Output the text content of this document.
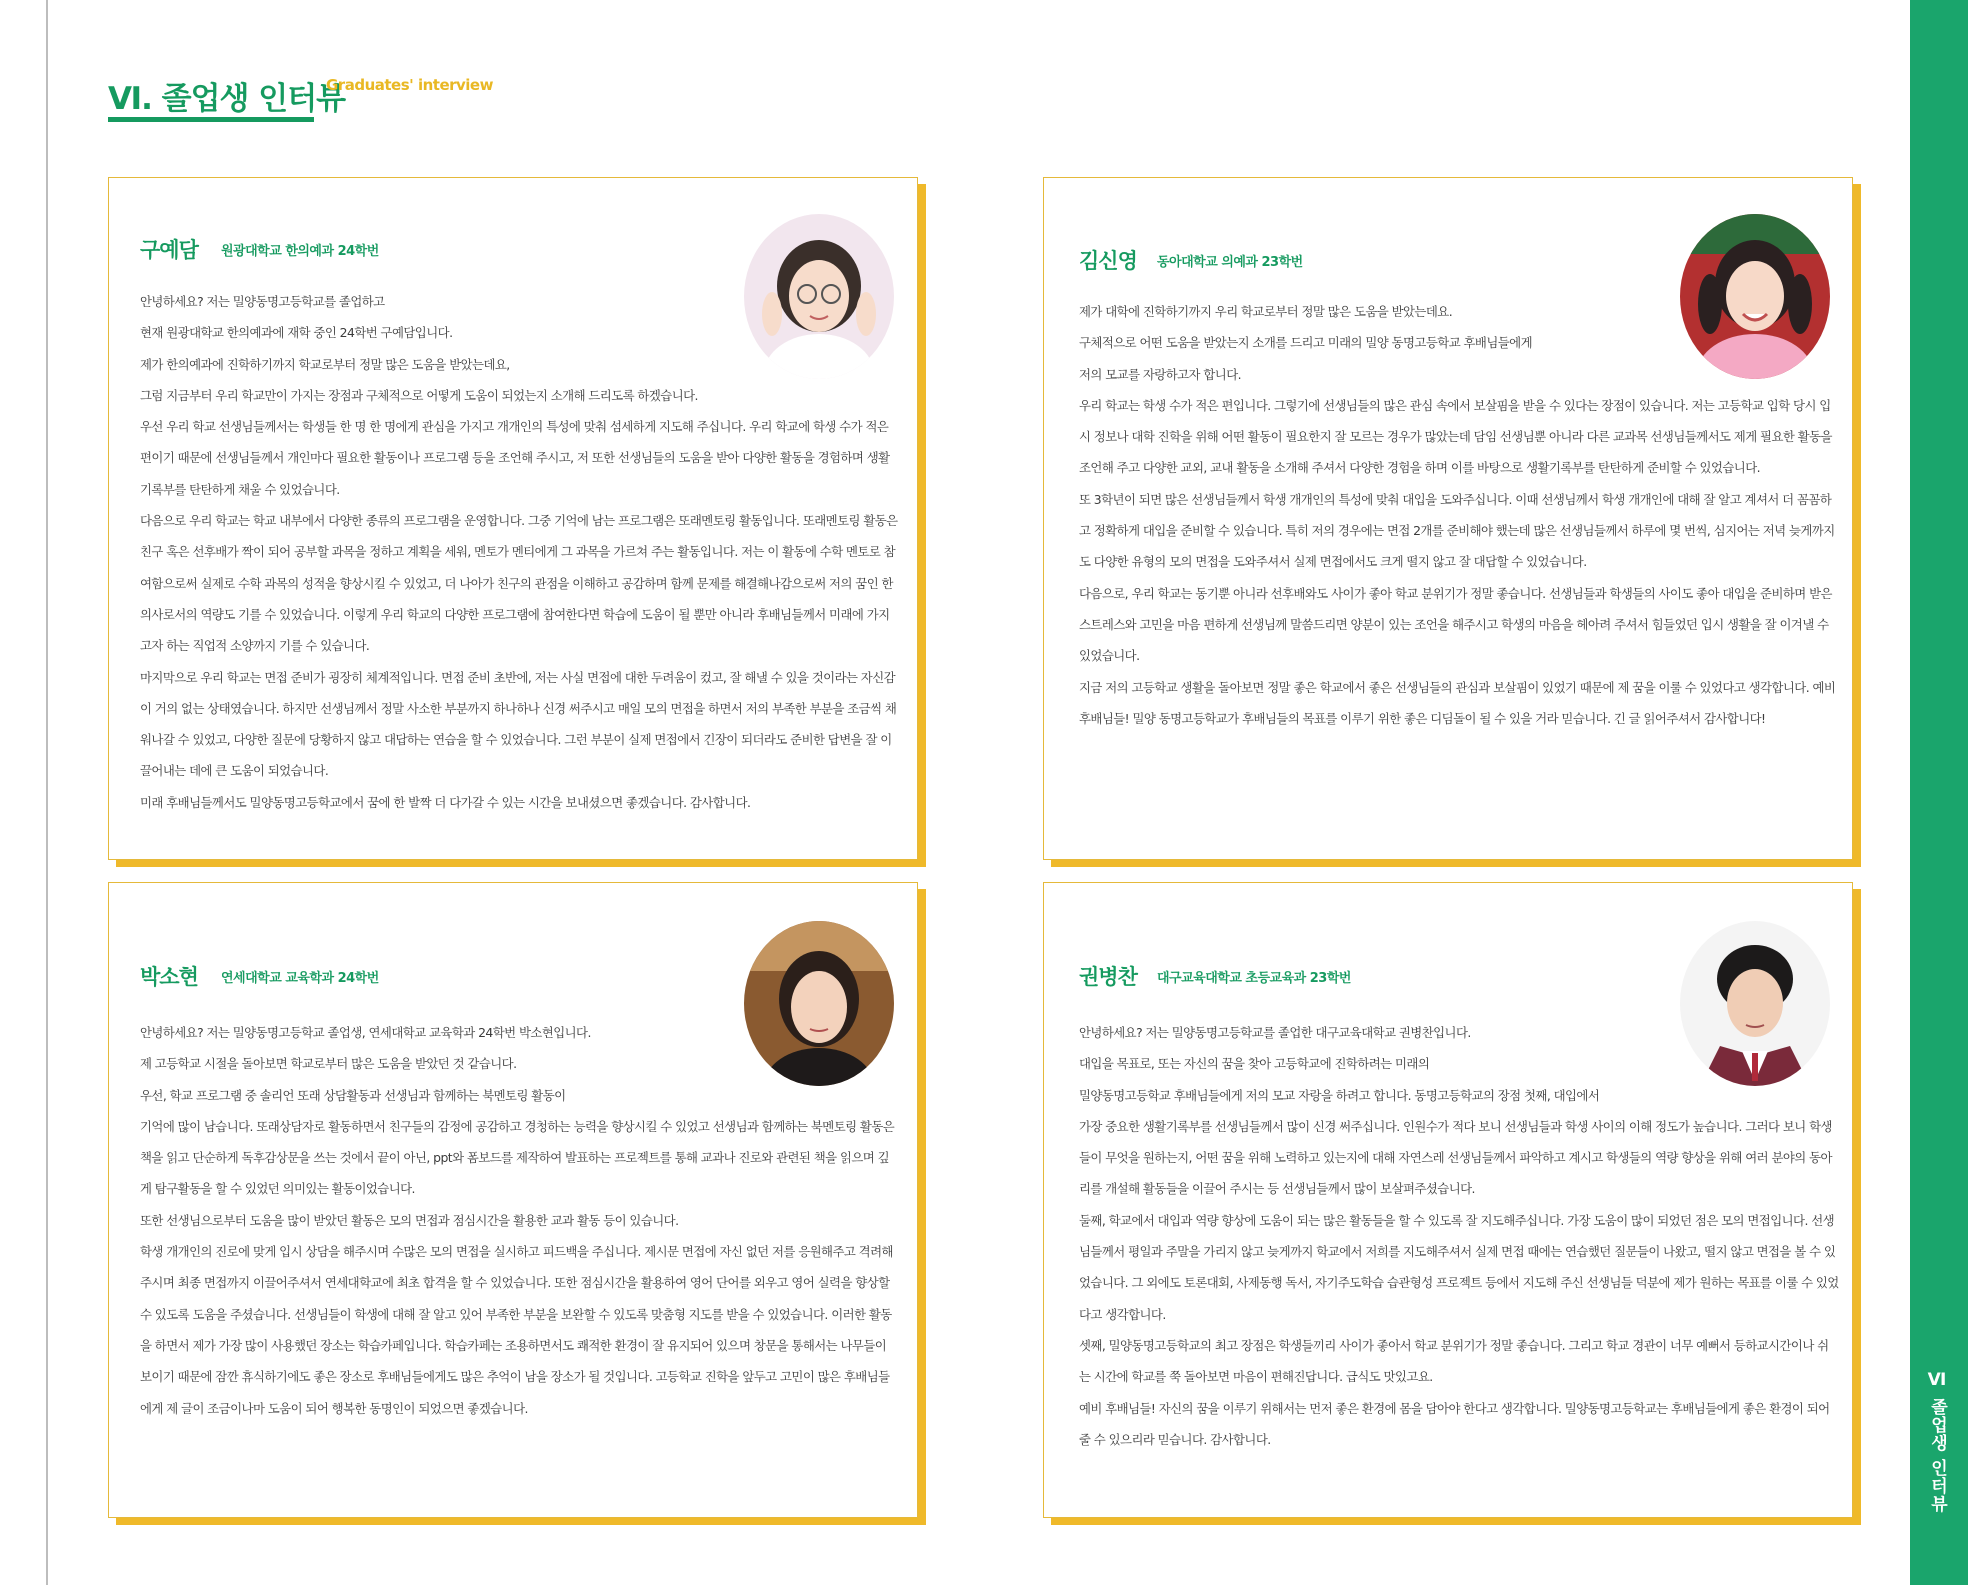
Ⅵ. 졸업생 인터뷰
Graduates' interview
Ⅵ 졸업생 인터뷰
구예담 원광대학교 한의예과 24학번

안녕하세요? 저는 밀양동명고등학교를 졸업하고

현재 원광대학교 한의예과에 재학 중인 24학번 구예담입니다.

제가 한의예과에 진학하기까지 학교로부터 정말 많은 도움을 받았는데요,

그럼 지금부터 우리 학교만이 가지는 장점과 구체적으로 어떻게 도움이 되었는지 소개해 드리도록 하겠습니다.

우선 우리 학교 선생님들께서는 학생들 한 명 한 명에게 관심을 가지고 개개인의 특성에 맞춰 섬세하게 지도해 주십니다. 우리 학교에 학생 수가 적은 편이기 때문에 선생님들께서 개인마다 필요한 활동이나 프로그램 등을 조언해 주시고, 저 또한 선생님들의 도움을 받아 다양한 활동을 경험하며 생활기록부를 탄탄하게 채울 수 있었습니다.

다음으로 우리 학교는 학교 내부에서 다양한 종류의 프로그램을 운영합니다. 그중 기억에 남는 프로그램은 또래멘토링 활동입니다. 또래멘토링 활동은 친구 혹은 선후배가 짝이 되어 공부할 과목을 정하고 계획을 세워, 멘토가 멘티에게 그 과목을 가르쳐 주는 활동입니다. 저는 이 활동에 수학 멘토로 참여함으로써 실제로 수학 과목의 성적을 향상시킬 수 있었고, 더 나아가 친구의 관점을 이해하고 공감하며 함께 문제를 해결해나감으로써 저의 꿈인 한의사로서의 역량도 기를 수 있었습니다. 이렇게 우리 학교의 다양한 프로그램에 참여한다면 학습에 도움이 될 뿐만 아니라 후배님들께서 미래에 가지고자 하는 직업적 소양까지 기를 수 있습니다.

마지막으로 우리 학교는 면접 준비가 굉장히 체계적입니다. 면접 준비 초반에, 저는 사실 면접에 대한 두려움이 컸고, 잘 해낼 수 있을 것이라는 자신감이 거의 없는 상태였습니다. 하지만 선생님께서 정말 사소한 부분까지 하나하나 신경 써주시고 매일 모의 면접을 하면서 저의 부족한 부분을 조금씩 채워나갈 수 있었고, 다양한 질문에 당황하지 않고 대답하는 연습을 할 수 있었습니다. 그런 부분이 실제 면접에서 긴장이 되더라도 준비한 답변을 잘 이끌어내는 데에 큰 도움이 되었습니다.

미래 후배님들께서도 밀양동명고등학교에서 꿈에 한 발짝 더 다가갈 수 있는 시간을 보내셨으면 좋겠습니다. 감사합니다.

김신영 동아대학교 의예과 23학번

제가 대학에 진학하기까지 우리 학교로부터 정말 많은 도움을 받았는데요.

구체적으로 어떤 도움을 받았는지 소개를 드리고 미래의 밀양 동명고등학교 후배님들에게

저의 모교를 자랑하고자 합니다.

우리 학교는 학생 수가 적은 편입니다. 그렇기에 선생님들의 많은 관심 속에서 보살핌을 받을 수 있다는 장점이 있습니다. 저는 고등학교 입학 당시 입시 정보나 대학 진학을 위해 어떤 활동이 필요한지 잘 모르는 경우가 많았는데 담임 선생님뿐 아니라 다른 교과목 선생님들께서도 제게 필요한 활동을 조언해 주고 다양한 교외, 교내 활동을 소개해 주셔서 다양한 경험을 하며 이를 바탕으로 생활기록부를 탄탄하게 준비할 수 있었습니다.

또 3학년이 되면 많은 선생님들께서 학생 개개인의 특성에 맞춰 대입을 도와주십니다. 이때 선생님께서 학생 개개인에 대해 잘 알고 계셔서 더 꼼꼼하고 정확하게 대입을 준비할 수 있습니다. 특히 저의 경우에는 면접 2개를 준비해야 했는데 많은 선생님들께서 하루에 몇 번씩, 심지어는 저녁 늦게까지도 다양한 유형의 모의 면접을 도와주셔서 실제 면접에서도 크게 떨지 않고 잘 대답할 수 있었습니다.

다음으로, 우리 학교는 동기뿐 아니라 선후배와도 사이가 좋아 학교 분위기가 정말 좋습니다. 선생님들과 학생들의 사이도 좋아 대입을 준비하며 받은 스트레스와 고민을 마음 편하게 선생님께 말씀드리면 양분이 있는 조언을 해주시고 학생의 마음을 헤아려 주셔서 힘들었던 입시 생활을 잘 이겨낼 수 있었습니다.

지금 저의 고등학교 생활을 돌아보면 정말 좋은 학교에서 좋은 선생님들의 관심과 보살핌이 있었기 때문에 제 꿈을 이룰 수 있었다고 생각합니다. 예비 후배님들! 밀양 동명고등학교가 후배님들의 목표를 이루기 위한 좋은 디딤돌이 될 수 있을 거라 믿습니다. 긴 글 읽어주셔서 감사합니다!

박소현 연세대학교 교육학과 24학번

안녕하세요? 저는 밀양동명고등학교 졸업생, 연세대학교 교육학과 24학번 박소현입니다.

제 고등학교 시절을 돌아보면 학교로부터 많은 도움을 받았던 것 같습니다.

우선, 학교 프로그램 중 솔리언 또래 상담활동과 선생님과 함께하는 북멘토링 활동이

기억에 많이 남습니다. 또래상담자로 활동하면서 친구들의 감정에 공감하고 경청하는 능력을 향상시킬 수 있었고 선생님과 함께하는 북멘토링 활동은 책을 읽고 단순하게 독후감상문을 쓰는 것에서 끝이 아닌, ppt와 폼보드를 제작하여 발표하는 프로젝트를 통해 교과나 진로와 관련된 책을 읽으며 깊게 탐구활동을 할 수 있었던 의미있는 활동이었습니다.

또한 선생님으로부터 도움을 많이 받았던 활동은 모의 면접과 점심시간을 활용한 교과 활동 등이 있습니다.

학생 개개인의 진로에 맞게 입시 상담을 해주시며 수많은 모의 면접을 실시하고 피드백을 주십니다. 제시문 면접에 자신 없던 저를 응원해주고 격려해주시며 최종 면접까지 이끌어주셔서 연세대학교에 최초 합격을 할 수 있었습니다. 또한 점심시간을 활용하여 영어 단어를 외우고 영어 실력을 향상할 수 있도록 도움을 주셨습니다. 선생님들이 학생에 대해 잘 알고 있어 부족한 부분을 보완할 수 있도록 맞춤형 지도를 받을 수 있었습니다. 이러한 활동을 하면서 제가 가장 많이 사용했던 장소는 학습카페입니다. 학습카페는 조용하면서도 쾌적한 환경이 잘 유지되어 있으며 창문을 통해서는 나무들이 보이기 때문에 잠깐 휴식하기에도 좋은 장소로 후배님들에게도 많은 추억이 남을 장소가 될 것입니다. 고등학교 진학을 앞두고 고민이 많은 후배님들에게 제 글이 조금이나마 도움이 되어 행복한 동명인이 되었으면 좋겠습니다.

권병찬 대구교육대학교 초등교육과 23학번

안녕하세요? 저는 밀양동명고등학교를 졸업한 대구교육대학교 권병찬입니다.

대입을 목표로, 또는 자신의 꿈을 찾아 고등학교에 진학하려는 미래의

밀양동명고등학교 후배님들에게 저의 모교 자랑을 하려고 합니다. 동명고등학교의 장점 첫째, 대입에서

가장 중요한 생활기록부를 선생님들께서 많이 신경 써주십니다. 인원수가 적다 보니 선생님들과 학생 사이의 이해 정도가 높습니다. 그러다 보니 학생들이 무엇을 원하는지, 어떤 꿈을 위해 노력하고 있는지에 대해 자연스레 선생님들께서 파악하고 계시고 학생들의 역량 향상을 위해 여러 분야의 동아리를 개설해 활동들을 이끌어 주시는 등 선생님들께서 많이 보살펴주셨습니다.

둘째, 학교에서 대입과 역량 향상에 도움이 되는 많은 활동들을 할 수 있도록 잘 지도해주십니다. 가장 도움이 많이 되었던 점은 모의 면접입니다. 선생님들께서 평일과 주말을 가리지 않고 늦게까지 학교에서 저희를 지도해주셔서 실제 면접 때에는 연습했던 질문들이 나왔고, 떨지 않고 면접을 볼 수 있었습니다. 그 외에도 토론대회, 사제동행 독서, 자기주도학습 습관형성 프로젝트 등에서 지도해 주신 선생님들 덕분에 제가 원하는 목표를 이룰 수 있었다고 생각합니다.

셋째, 밀양동명고등학교의 최고 장점은 학생들끼리 사이가 좋아서 학교 분위기가 정말 좋습니다. 그리고 학교 경관이 너무 예뻐서 등하교시간이나 쉬는 시간에 학교를 쭉 돌아보면 마음이 편해진답니다. 급식도 맛있고요.

예비 후배님들! 자신의 꿈을 이루기 위해서는 먼저 좋은 환경에 몸을 담아야 한다고 생각합니다. 밀양동명고등학교는 후배님들에게 좋은 환경이 되어 줄 수 있으리라 믿습니다. 감사합니다.
